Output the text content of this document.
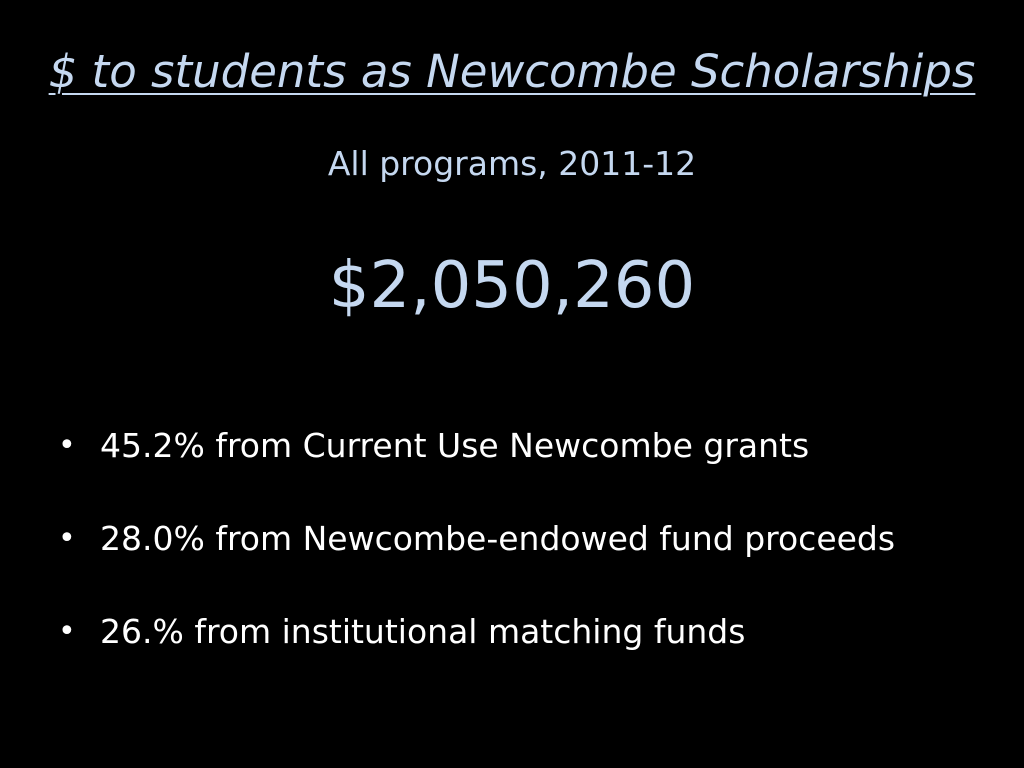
$ to students as Newcombe Scholarships
All programs, 2011-12
$2,050,260
• 45.2% from Current Use Newcombe grants
• 28.0% from Newcombe-endowed fund proceeds
• 26.% from institutional matching funds
